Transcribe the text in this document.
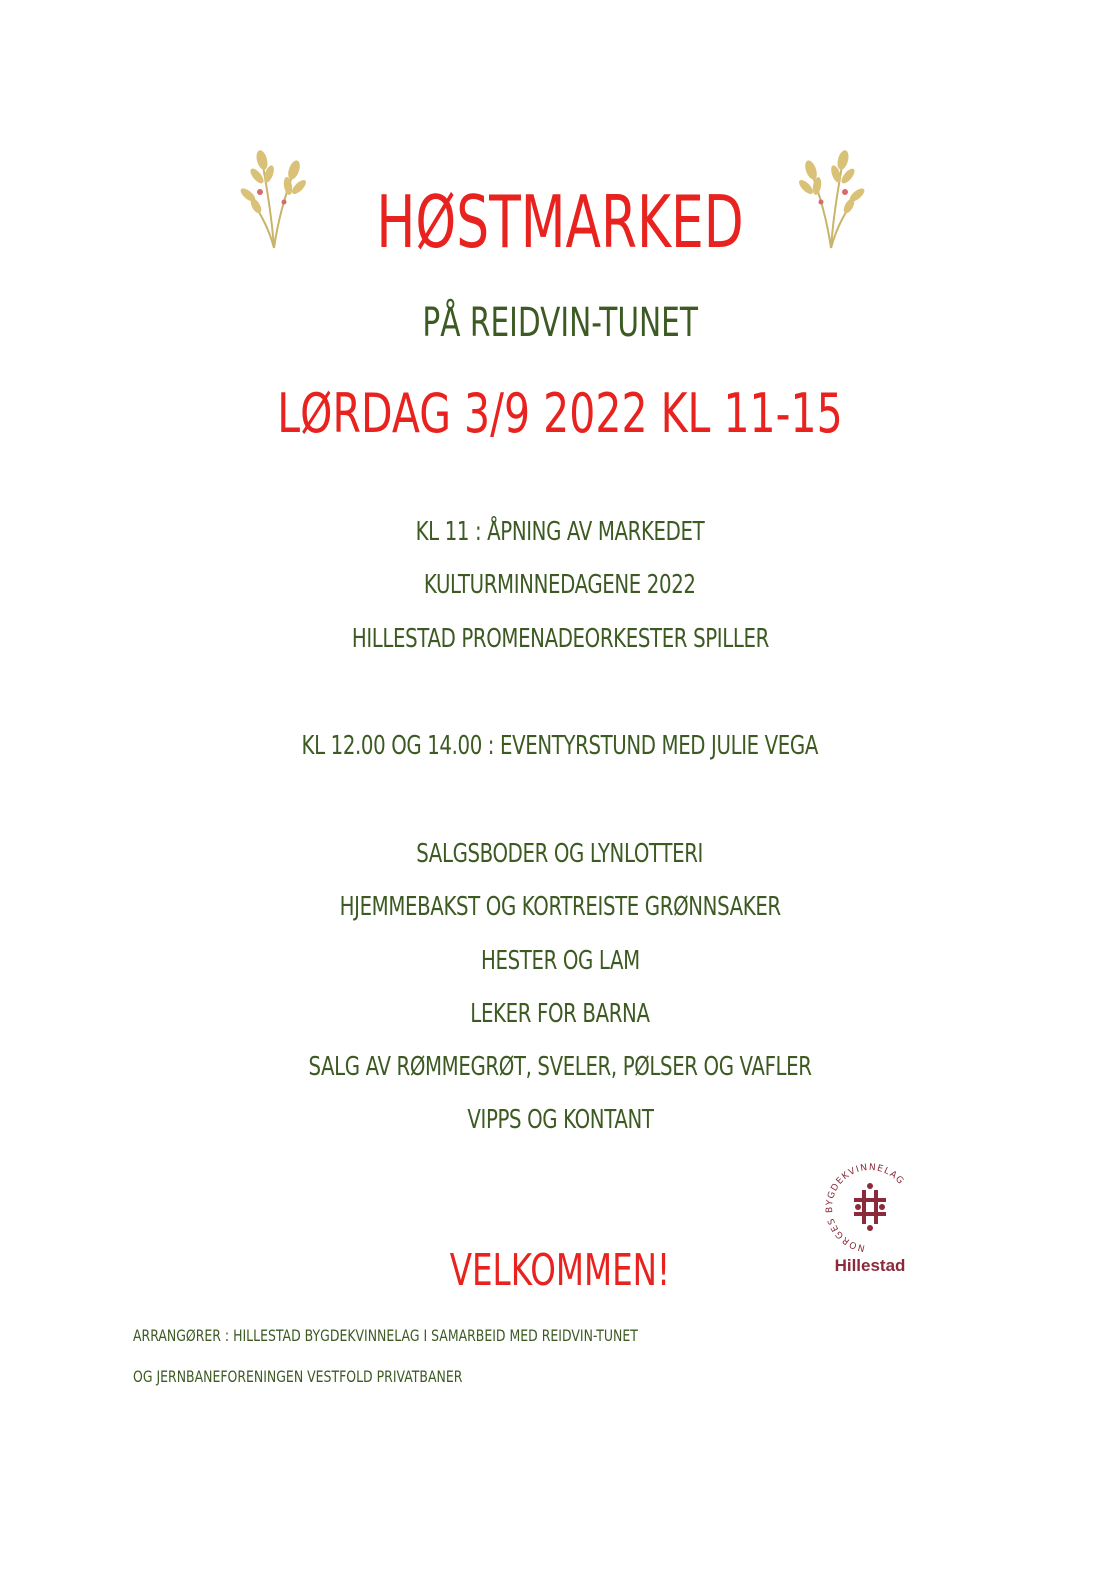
HØSTMARKED
PÅ REIDVIN-TUNET
LØRDAG 3/9 2022 KL 11-15
KL 11 : ÅPNING AV MARKEDET
KULTURMINNEDAGENE 2022
HILLESTAD PROMENADEORKESTER SPILLER
KL 12.00 OG 14.00 : EVENTYRSTUND MED JULIE VEGA
SALGSBODER OG LYNLOTTERI
HJEMMEBAKST OG KORTREISTE GRØNNSAKER
HESTER OG LAM
LEKER FOR BARNA
SALG AV RØMMEGRØT, SVELER, PØLSER OG VAFLER
VIPPS OG KONTANT
NORGES BYGDEKVINNELAG
Hillestad
VELKOMMEN!
ARRANGØRER : HILLESTAD BYGDEKVINNELAG I SAMARBEID MED REIDVIN-TUNET
OG JERNBANEFORENINGEN VESTFOLD PRIVATBANER
